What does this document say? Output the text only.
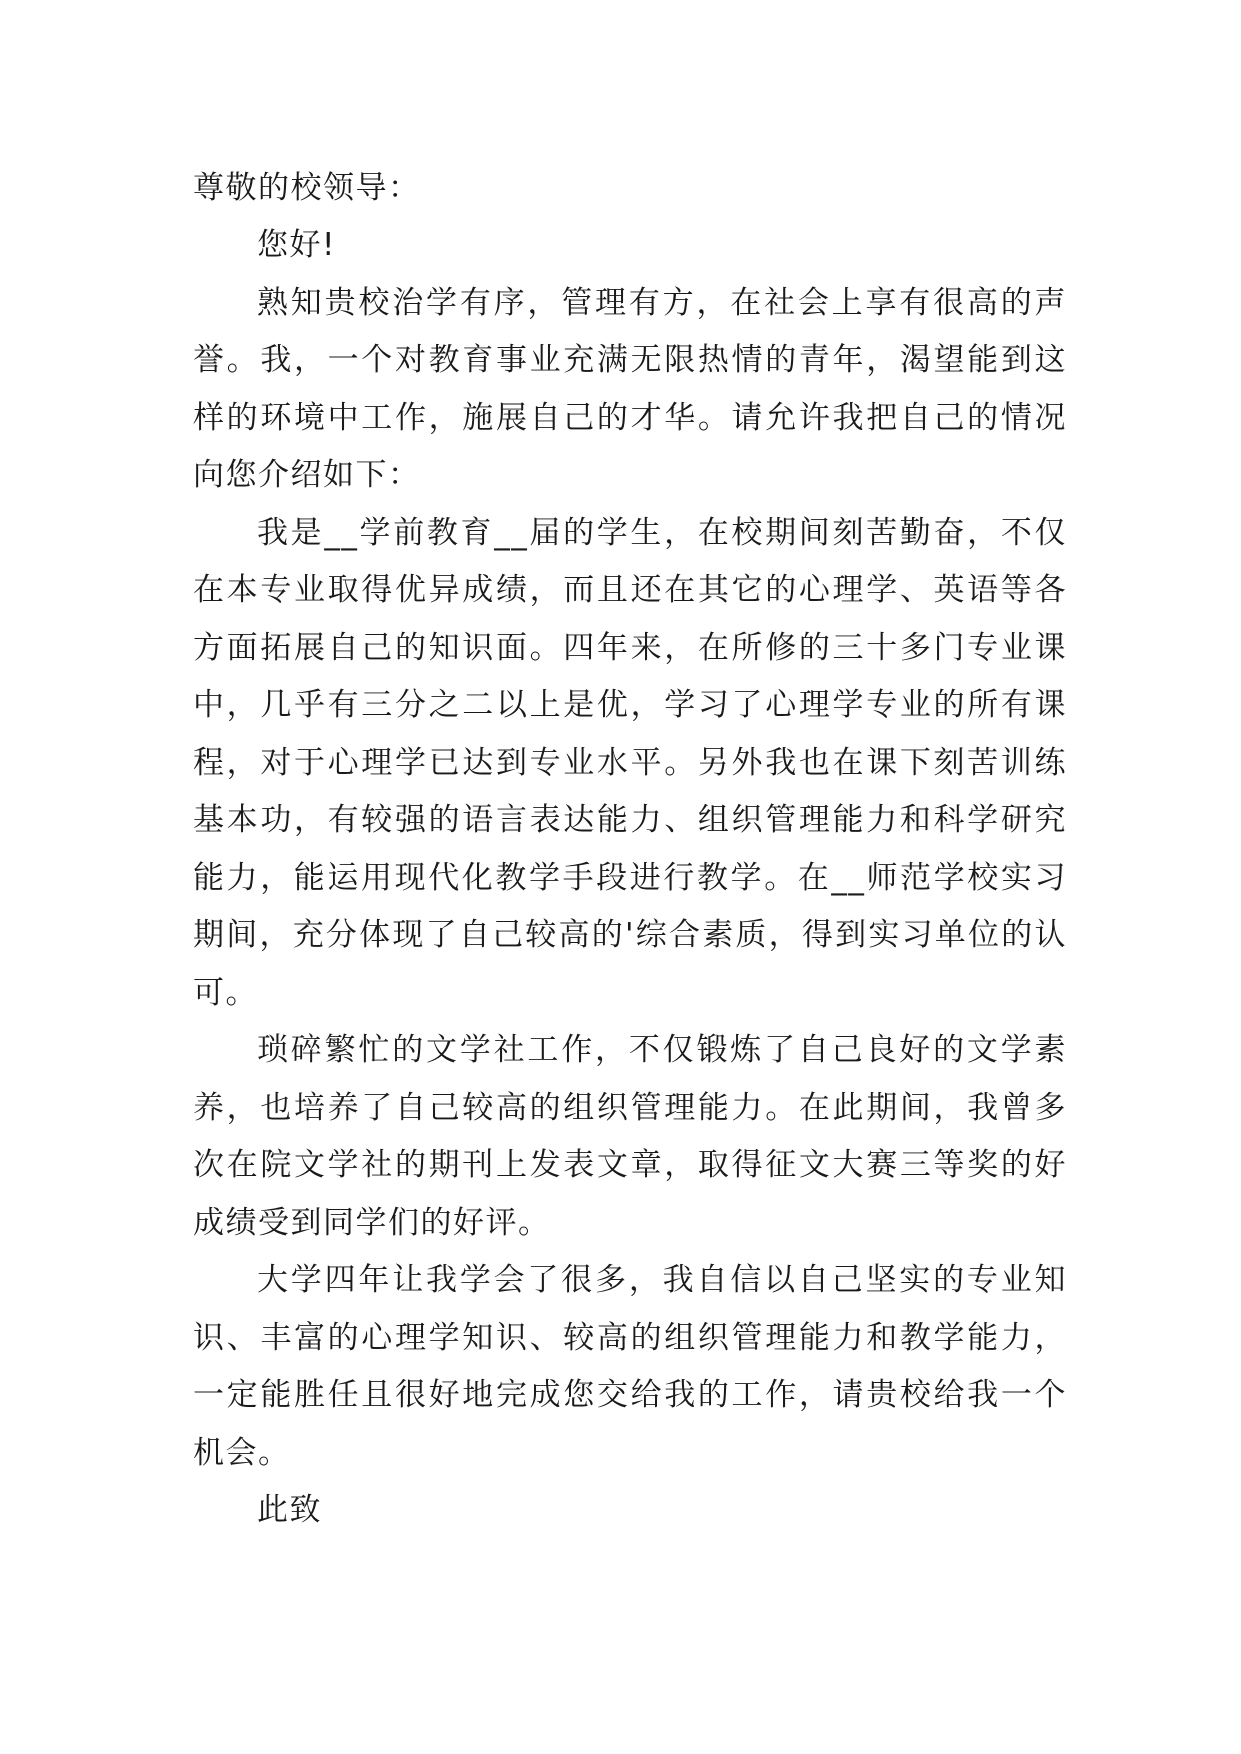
尊敬的校领导：

您好!

熟知贵校治学有序，管理有方，在社会上享有很高的声誉。我，一个对教育事业充满无限热情的青年，渴望能到这样的环境中工作，施展自己的才华。请允许我把自己的情况向您介绍如下：

我是__学前教育__届的学生，在校期间刻苦勤奋，不仅在本专业取得优异成绩，而且还在其它的心理学、英语等各方面拓展自己的知识面。四年来，在所修的三十多门专业课中，几乎有三分之二以上是优，学习了心理学专业的所有课程，对于心理学已达到专业水平。另外我也在课下刻苦训练基本功，有较强的语言表达能力、组织管理能力和科学研究能力，能运用现代化教学手段进行教学。在__师范学校实习期间，充分体现了自己较高的'综合素质，得到实习单位的认可。

琐碎繁忙的文学社工作，不仅锻炼了自己良好的文学素养，也培养了自己较高的组织管理能力。在此期间，我曾多次在院文学社的期刊上发表文章，取得征文大赛三等奖的好成绩受到同学们的好评。

大学四年让我学会了很多，我自信以自己坚实的专业知识、丰富的心理学知识、较高的组织管理能力和教学能力，一定能胜任且很好地完成您交给我的工作，请贵校给我一个机会。

此致
